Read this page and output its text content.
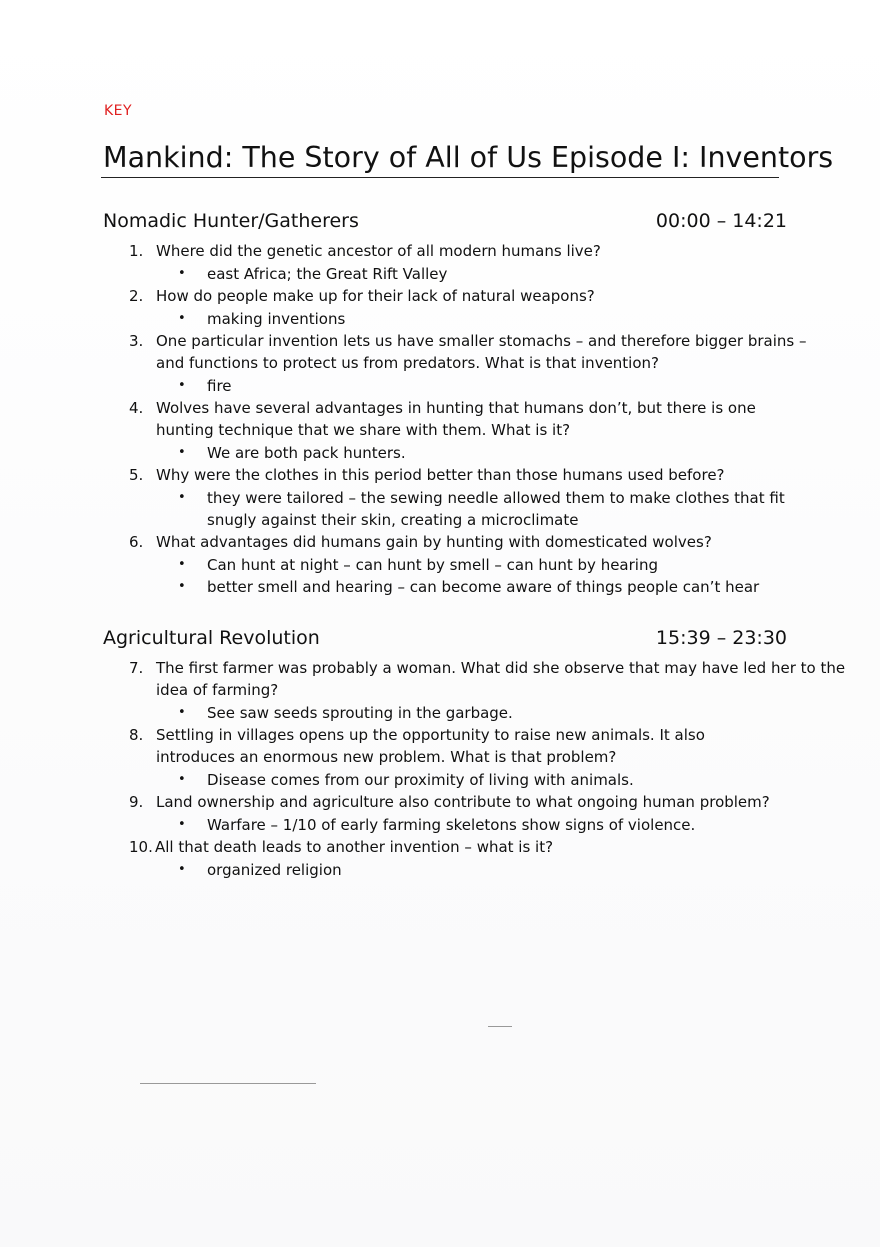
KEY
Mankind: The Story of All of Us Episode I: Inventors
Nomadic Hunter/Gatherers	00:00 – 14:21
1. Where did the genetic ancestor of all modern humans live?
• east Africa; the Great Rift Valley
2. How do people make up for their lack of natural weapons?
• making inventions
3. One particular invention lets us have smaller stomachs – and therefore bigger brains –
and functions to protect us from predators. What is that invention?
• fire
4. Wolves have several advantages in hunting that humans don’t, but there is one
hunting technique that we share with them. What is it?
• We are both pack hunters.
5. Why were the clothes in this period better than those humans used before?
• they were tailored – the sewing needle allowed them to make clothes that fit
snugly against their skin, creating a microclimate
6. What advantages did humans gain by hunting with domesticated wolves?
• Can hunt at night – can hunt by smell – can hunt by hearing
• better smell and hearing – can become aware of things people can’t hear
Agricultural Revolution	15:39 – 23:30
7. The first farmer was probably a woman. What did she observe that may have led her to the
idea of farming?
• See saw seeds sprouting in the garbage.
8. Settling in villages opens up the opportunity to raise new animals. It also
introduces an enormous new problem. What is that problem?
• Disease comes from our proximity of living with animals.
9. Land ownership and agriculture also contribute to what ongoing human problem?
• Warfare – 1/10 of early farming skeletons show signs of violence.
10. All that death leads to another invention – what is it?
• organized religion
